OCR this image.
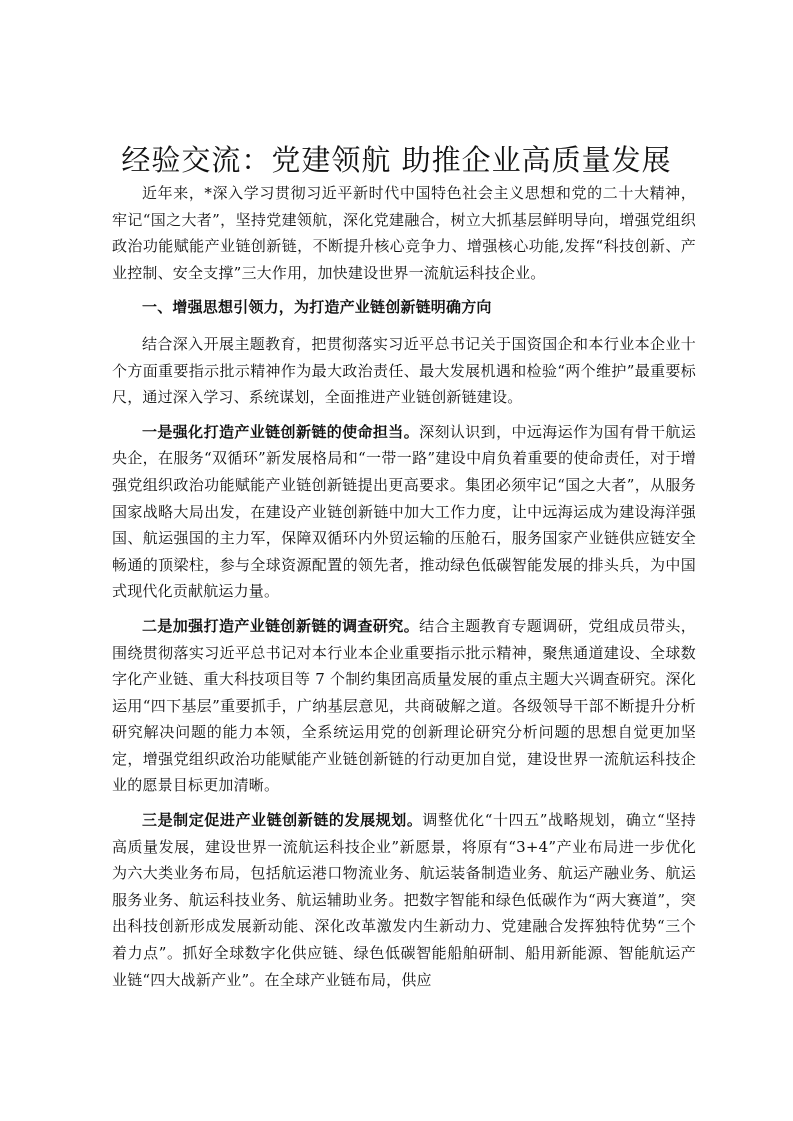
经验交流：党建领航 助推企业高质量发展

近年来，*深入学习贯彻习近平新时代中国特色社会主义思想和党的二十大精神，牢记“国之大者”，坚持党建领航，深化党建融合，树立大抓基层鲜明导向，增强党组织政治功能赋能产业链创新链，不断提升核心竞争力、增强核心功能,发挥“科技创新、产业控制、安全支撑”三大作用，加快建设世界一流航运科技企业。

一、增强思想引领力，为打造产业链创新链明确方向

结合深入开展主题教育，把贯彻落实习近平总书记关于国资国企和本行业本企业十个方面重要指示批示精神作为最大政治责任、最大发展机遇和检验“两个维护”最重要标尺，通过深入学习、系统谋划，全面推进产业链创新链建设。

一是强化打造产业链创新链的使命担当。深刻认识到，中远海运作为国有骨干航运央企，在服务“双循环”新发展格局和“一带一路”建设中肩负着重要的使命责任，对于增强党组织政治功能赋能产业链创新链提出更高要求。集团必须牢记“国之大者”，从服务国家战略大局出发，在建设产业链创新链中加大工作力度，让中远海运成为建设海洋强国、航运强国的主力军，保障双循环内外贸运输的压舱石，服务国家产业链供应链安全畅通的顶梁柱，参与全球资源配置的领先者，推动绿色低碳智能发展的排头兵，为中国式现代化贡献航运力量。

二是加强打造产业链创新链的调查研究。结合主题教育专题调研，党组成员带头，围绕贯彻落实习近平总书记对本行业本企业重要指示批示精神，聚焦通道建设、全球数字化产业链、重大科技项目等 7 个制约集团高质量发展的重点主题大兴调查研究。深化运用“四下基层”重要抓手，广纳基层意见，共商破解之道。各级领导干部不断提升分析研究解决问题的能力本领，全系统运用党的创新理论研究分析问题的思想自觉更加坚定，增强党组织政治功能赋能产业链创新链的行动更加自觉，建设世界一流航运科技企业的愿景目标更加清晰。

三是制定促进产业链创新链的发展规划。调整优化“十四五”战略规划，确立“坚持高质量发展，建设世界一流航运科技企业”新愿景，将原有“3+4”产业布局进一步优化为六大类业务布局，包括航运港口物流业务、航运装备制造业务、航运产融业务、航运服务业务、航运科技业务、航运辅助业务。把数字智能和绿色低碳作为“两大赛道”，突出科技创新形成发展新动能、深化改革激发内生新动力、党建融合发挥独特优势“三个着力点”。抓好全球数字化供应链、绿色低碳智能船舶研制、船用新能源、智能航运产业链“四大战新产业”。在全球产业链布局，供应
